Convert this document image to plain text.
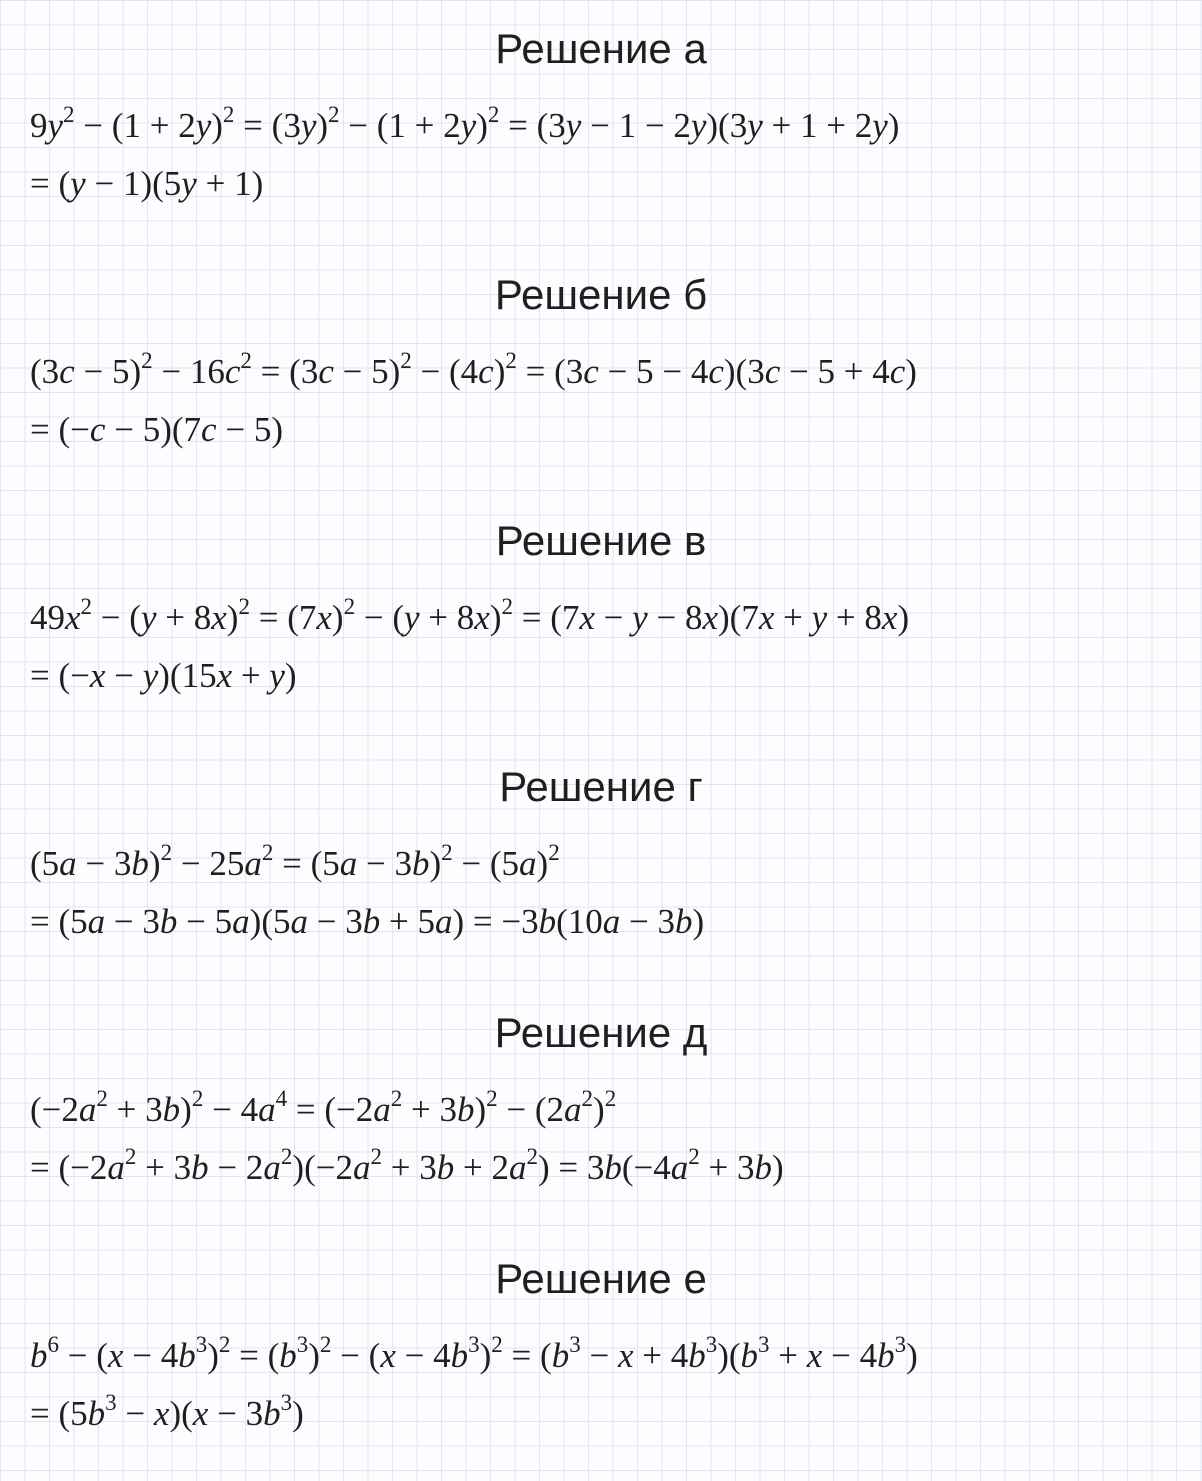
Решение а
$9y^2 - (1 + 2y)^2 = (3y)^2 - (1 + 2y)^2 = (3y - 1 - 2y)(3y + 1 + 2y)$
= (y − 1)(5y + 1)
Решение б
$(3c - 5)^2 - 16c^2 = (3c - 5)^2 - (4c)^2 = (3c - 5 - 4c)(3c - 5 + 4c)$
= (−c − 5)(7c − 5)
Решение в
$49x^2 - (y + 8x)^2 = (7x)^2 - (y + 8x)^2 = (7x - y - 8x)(7x + y + 8x)$
= (−x − y)(15x + y)
Решение г
$(5a - 3b)^2 - 25a^2 = (5a - 3b)^2 - (5a)^2$
= (5a − 3b − 5a)(5a − 3b + 5a) = −3b(10a − 3b)
Решение д
$(-2a^2 + 3b)^2 - 4a^4 = (-2a^2 + 3b)^2 - (2a^2)^2$
= $(-2a^2 + 3b - 2a^2)(-2a^2 + 3b + 2a^2) = 3b(-4a^2 + 3b)$
Решение е
$b^6 - (x - 4b^3)^2 = (b^3)^2 - (x - 4b^3)^2 = (b^3 - x + 4b^3)(b^3 + x - 4b^3)$
= $(5b^3 - x)(x - 3b^3)$
